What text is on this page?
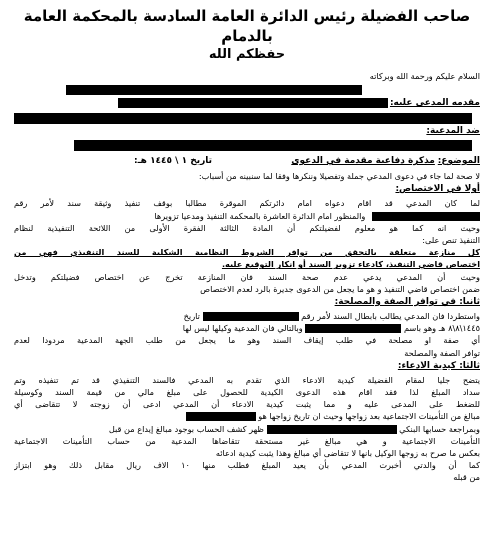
صاحب الفضيلة رئيس الدائرة العامة السادسة بالمحكمة العامة بالدمام

حفظكم الله

السلام عليكم ورحمة الله وبركاته

مقدمه المدعى عليه:
ضد المدعية:
الموضوع: مذكرة دفاعية مقدمة في الدعوى
تاريخ ١ \ ١٤٤٥ هـ:

لا صحة لما جاء في دعوى المدعي جملة وتفصيلا وننكرها وفقا لما سنبينه من أسباب:

أولا في الاختصاص:

لما كان المدعي قد اقام دعواه امام دائرتكم الموقرة مطالبا بوقف تنفيذ وثيقة سند لأمر رقم

والمنظور امام الدائرة العاشرة بالمحكمة التنفيذ ومدعيا تزويرها

وحيث انه كما هو معلوم لفضيلتكم أن المادة الثالثة الفقرة الأولى من اللائحة التنفيذية لنظام

التنفيذ تنص على:

كل منازعة متعلقة بالتحقق من توافر الشروط النظامية الشكلية للسند التنفيذي فهي من

اختصاص قاضي التنفيذ، كادعاء تزوير السند أو انكار التوقيع عليه.

وحيث أن المدعي يدعي عدم صحة السند فان المنازعة تخرج عن اختصاص فضيلتكم وتدخل

ضمن اختصاص قاضي التنفيذ و هو ما يجعل من الدعوى جديرة بالرد لعدم الاختصاص

ثانيا: في توافر الصفة والمصلحة:

واستطردا فان المدعي يطالب بابطال السند لأمر رقم  تاريخ

١٤٤٥\٨\٨ هـ وهو باسم  وبالتالي فان المدعية وكيلها ليس لها

أي صفة او مصلحة في طلب إيقاف السند وهو ما يجعل من طلب الجهة المدعية مردودا لعدم

توافر الصفة والمصلحة

ثالثا: كيدية الادعاء:

يتضح جليا لمقام الفضيلة كيدية الادعاء الذي تقدم به المدعي فالسند التنفيذي قد تم تنفيذه وتم

سداد المبلغ لذا فقد اقام هذه الدعوى الكيدية للحصول على مبلغ مالي من قيمة السند وكوسيلة

للضغط على المدعى عليه و مما يثبت كيدية الادعاء أن المدعي ادعى أن زوجته لا تتقاضى أي

مبالغ من التأمينات الاجتماعية بعد زواجها وحيث ان تاريخ زواجها هو

وبمراجعة حسابها البنكي  ظهر كشف الحساب بوجود مبالغ إيداع من قبل

التأمينات الاجتماعية و هي مبالغ غير مستحقة تتقاضاها المدعية من حساب التأمينات الاجتماعية

بعكس ما صرح به زوجها الوكيل بانها لا تتقاضى أي مبالغ وهذا يثبت كيدية ادعائه

كما أن والدتي أخبرت المدعي بأن يعيد المبلغ فطلب منها ١٠ الاف ريال مقابل ذلك وهو ابتزاز

من قبله
